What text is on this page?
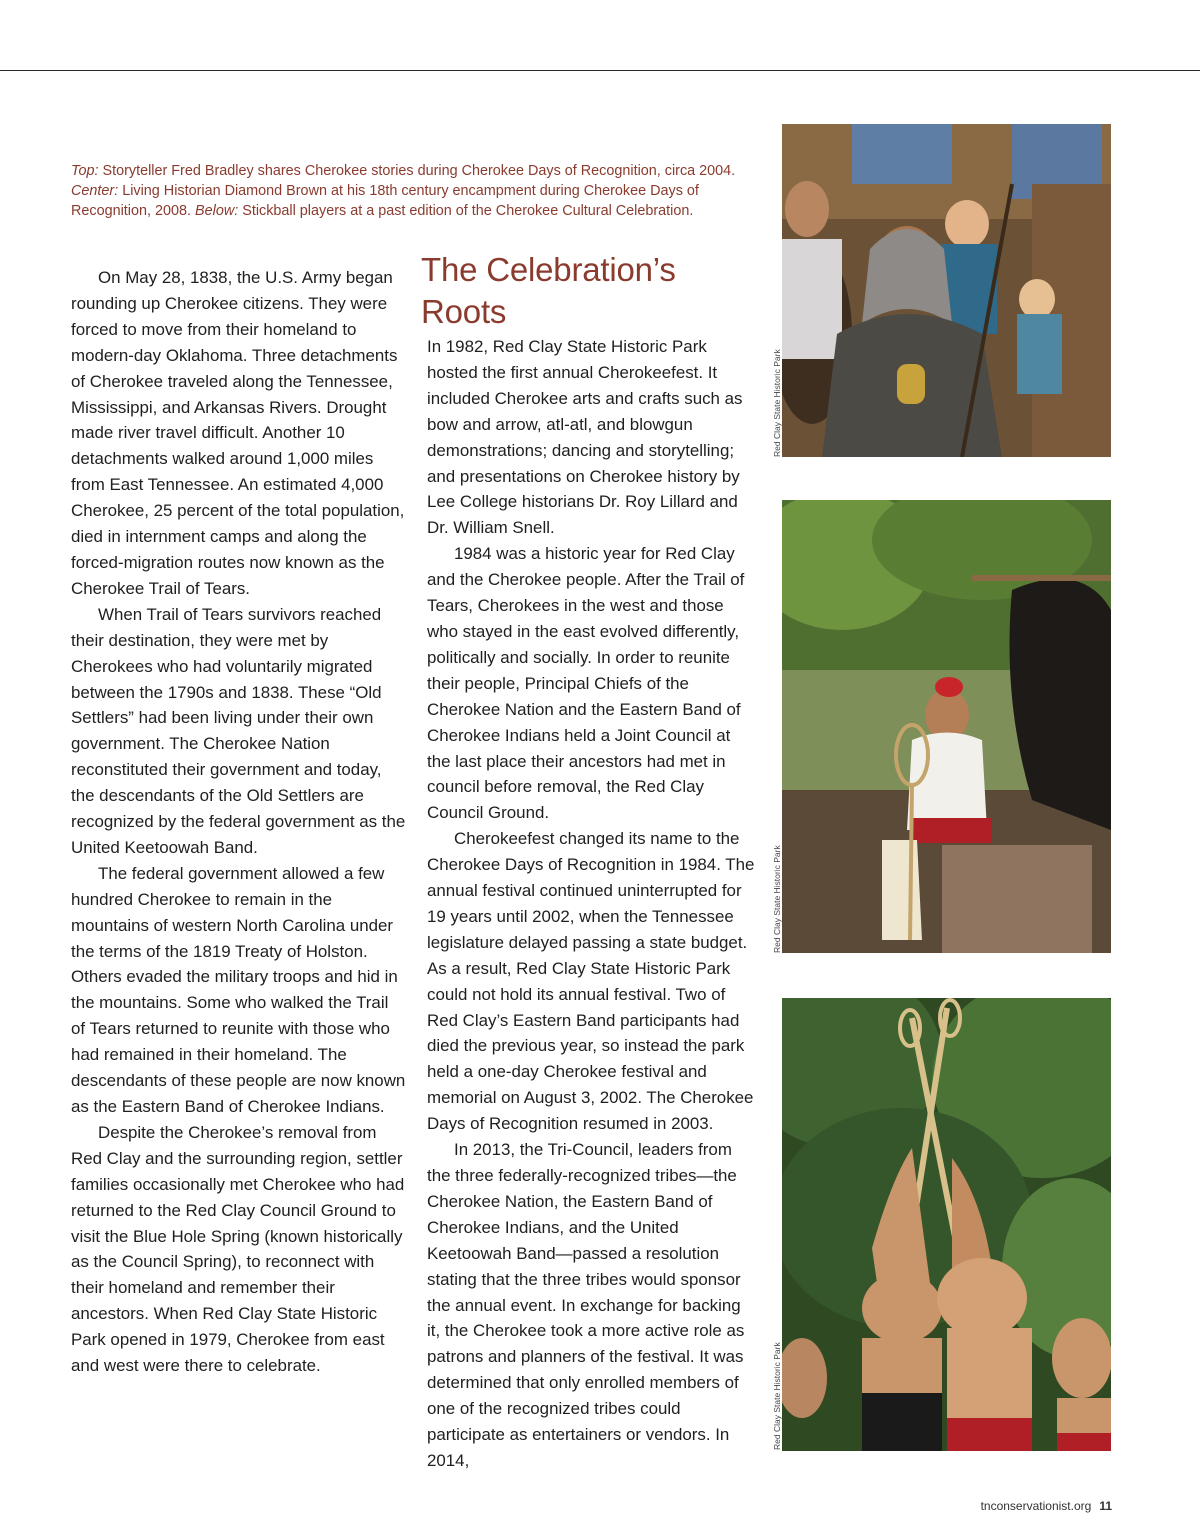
Top: Storyteller Fred Bradley shares Cherokee stories during Cherokee Days of Recognition, circa 2004. Center: Living Historian Diamond Brown at his 18th century encampment during Cherokee Days of Recognition, 2008. Below: Stickball players at a past edition of the Cherokee Cultural Celebration.

On May 28, 1838, the U.S. Army began rounding up Cherokee citizens. They were forced to move from their homeland to modern-day Oklahoma. Three detachments of Cherokee traveled along the Tennessee, Mississippi, and Arkansas Rivers. Drought made river travel difficult. Another 10 detachments walked around 1,000 miles from East Tennessee. An estimated 4,000 Cherokee, 25 percent of the total population, died in internment camps and along the forced-migration routes now known as the Cherokee Trail of Tears.

When Trail of Tears survivors reached their destination, they were met by Cherokees who had voluntarily migrated between the 1790s and 1838. These “Old Settlers” had been living under their own government. The Cherokee Nation reconstituted their government and today, the descendants of the Old Settlers are recognized by the federal government as the United Keetoowah Band.

The federal government allowed a few hundred Cherokee to remain in the mountains of western North Carolina under the terms of the 1819 Treaty of Holston. Others evaded the military troops and hid in the mountains. Some who walked the Trail of Tears returned to reunite with those who had remained in their homeland. The descendants of these people are now known as the Eastern Band of Cherokee Indians.

Despite the Cherokee’s removal from Red Clay and the surrounding region, settler families occasionally met Cherokee who had returned to the Red Clay Council Ground to visit the Blue Hole Spring (known historically as the Council Spring), to reconnect with their homeland and remember their ancestors. When Red Clay State Historic Park opened in 1979, Cherokee from east and west were there to celebrate.

The Celebration’s Roots

In 1982, Red Clay State Historic Park hosted the first annual Cherokeefest. It included Cherokee arts and crafts such as bow and arrow, atl-atl, and blowgun demonstrations; dancing and storytelling; and presentations on Cherokee history by Lee College historians Dr. Roy Lillard and Dr. William Snell.

1984 was a historic year for Red Clay and the Cherokee people. After the Trail of Tears, Cherokees in the west and those who stayed in the east evolved differently, politically and socially. In order to reunite their people, Principal Chiefs of the Cherokee Nation and the Eastern Band of Cherokee Indians held a Joint Council at the last place their ancestors had met in council before removal, the Red Clay Council Ground.

Cherokeefest changed its name to the Cherokee Days of Recognition in 1984. The annual festival continued uninterrupted for 19 years until 2002, when the Tennessee legislature delayed passing a state budget. As a result, Red Clay State Historic Park could not hold its annual festival. Two of Red Clay’s Eastern Band participants had died the previous year, so instead the park held a one-day Cherokee festival and memorial on August 3, 2002. The Cherokee Days of Recognition resumed in 2003.

In 2013, the Tri-Council, leaders from the three federally-recognized tribes—the Cherokee Nation, the Eastern Band of Cherokee Indians, and the United Keetoowah Band—passed a resolution stating that the three tribes would sponsor the annual event. In exchange for backing it, the Cherokee took a more active role as patrons and planners of the festival. It was determined that only enrolled members of one of the recognized tribes could participate as entertainers or vendors. In 2014,

Red Clay State Historic Park
Red Clay State Historic Park
Red Clay State Historic Park
tnconservationist.org 11
